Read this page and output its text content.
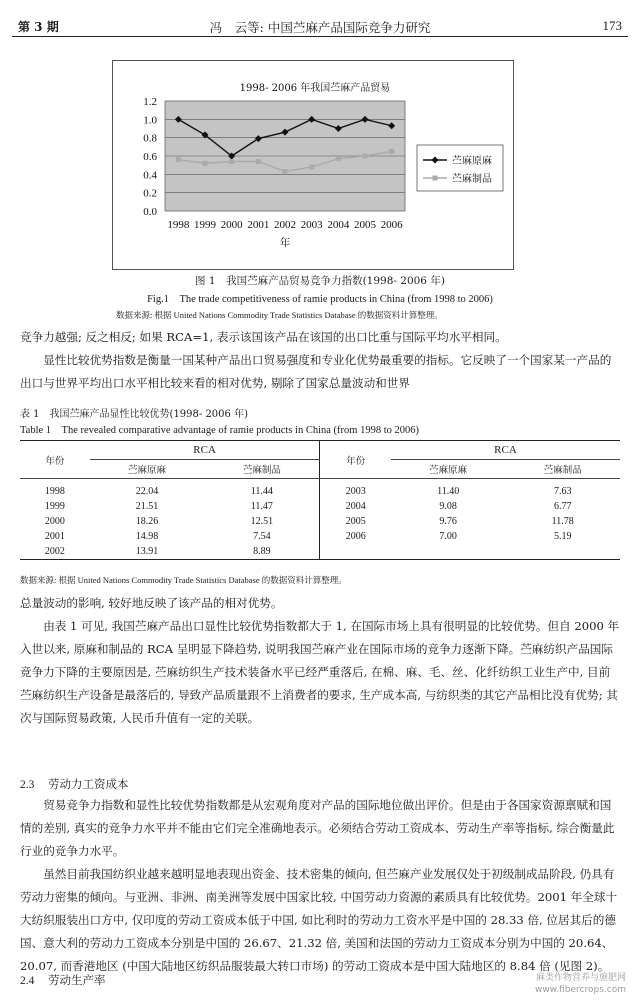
第 3 期	冯　云等: 中国苎麻产品国际竞争力研究	173
0.0
0.2
0.4
0.6
0.8
1.0
1.2
1998 1999 2000 2001 2002 2003 2004 2005 2006
1998- 2006 年我国苎麻产品贸易
年
苎麻原麻
苎麻制品
图 1　我国苎麻产品贸易竞争力指数(1998- 2006 年)
Fig.1　The trade competitiveness of ramie products in China (from 1998 to 2006)
数据来源: 根据 United Nations Commodity Trade Statistics Database 的数据资料计算整理。

竞争力越强; 反之相反; 如果 RCA=1, 表示该国该产品在该国的出口比重与国际平均水平相同。

显性比较优势指数是衡量一国某种产品出口贸易强度和专业化优势最重要的指标。它反映了一个国家某一产品的出口与世界平均出口水平相比较来看的相对优势, 剔除了国家总量波动和世界

表 1　我国苎麻产品显性比较优势(1998- 2006 年)
Table 1　The revealed comparative advantage of ramie products in China (from 1998 to 2006)
年份	RCA		年份	RCA	
	苎麻原麻	苎麻制品		苎麻原麻	苎麻制品
1998	22.04	11.44	2003	11.40	7.63
1999	21.51	11.47	2004	9.08	6.77
2000	18.26	12.51	2005	9.76	11.78
2001	14.98	7.54	2006	7.00	5.19
2002	13.91	8.89			
数据来源: 根据 United Nations Commodity Trade Statistics Database 的数据资料计算整理。

总量波动的影响, 较好地反映了该产品的相对优势。

由表 1 可见, 我国苎麻产品出口显性比较优势指数都大于 1, 在国际市场上具有很明显的比较优势。但自 2000 年入世以来, 原麻和制品的 RCA 呈明显下降趋势, 说明我国苎麻产业在国际市场的竞争力逐渐下降。苎麻纺织产品国际竞争力下降的主要原因是, 苎麻纺织生产技术装备水平已经严重落后, 在棉、麻、毛、丝、化纤纺织工业生产中, 目前苎麻纺织生产设备是最落后的, 导致产品质量跟不上消费者的要求, 生产成本高, 与纺织类的其它产品相比没有优势; 其次与国际贸易政策, 人民币升值有一定的关联。

2.3 劳动力工资成本

贸易竞争力指数和显性比较优势指数都是从宏观角度对产品的国际地位做出评价。但是由于各国家资源禀赋和国情的差别, 真实的竞争力水平并不能由它们完全准确地表示。必须结合劳动工资成本、劳动生产率等指标, 综合衡量此行业的竞争力水平。

虽然目前我国纺织业越来越明显地表现出资金、技术密集的倾向, 但苎麻产业发展仅处于初级制成品阶段, 仍具有劳动力密集的倾向。与亚洲、非洲、南美洲等发展中国家比较, 中国劳动力资源的素质具有比较优势。2001 年全球十大纺织服装出口方中, 仅印度的劳动工资成本低于中国, 如比利时的劳动力工资水平是中国的 28.33 倍, 位居其后的德国、意大利的劳动力工资成本分别是中国的 26.67、21.32 倍, 美国和法国的劳动力工资成本分别为中国的 20.64、20.07, 而香港地区 (中国大陆地区纺织品服装最大转口市场) 的劳动工资成本是中国大陆地区的 8.84 倍 (见图 2)。

2.4 劳动生产率	麻类作物营养与施肥网
www.fibercrops.com
